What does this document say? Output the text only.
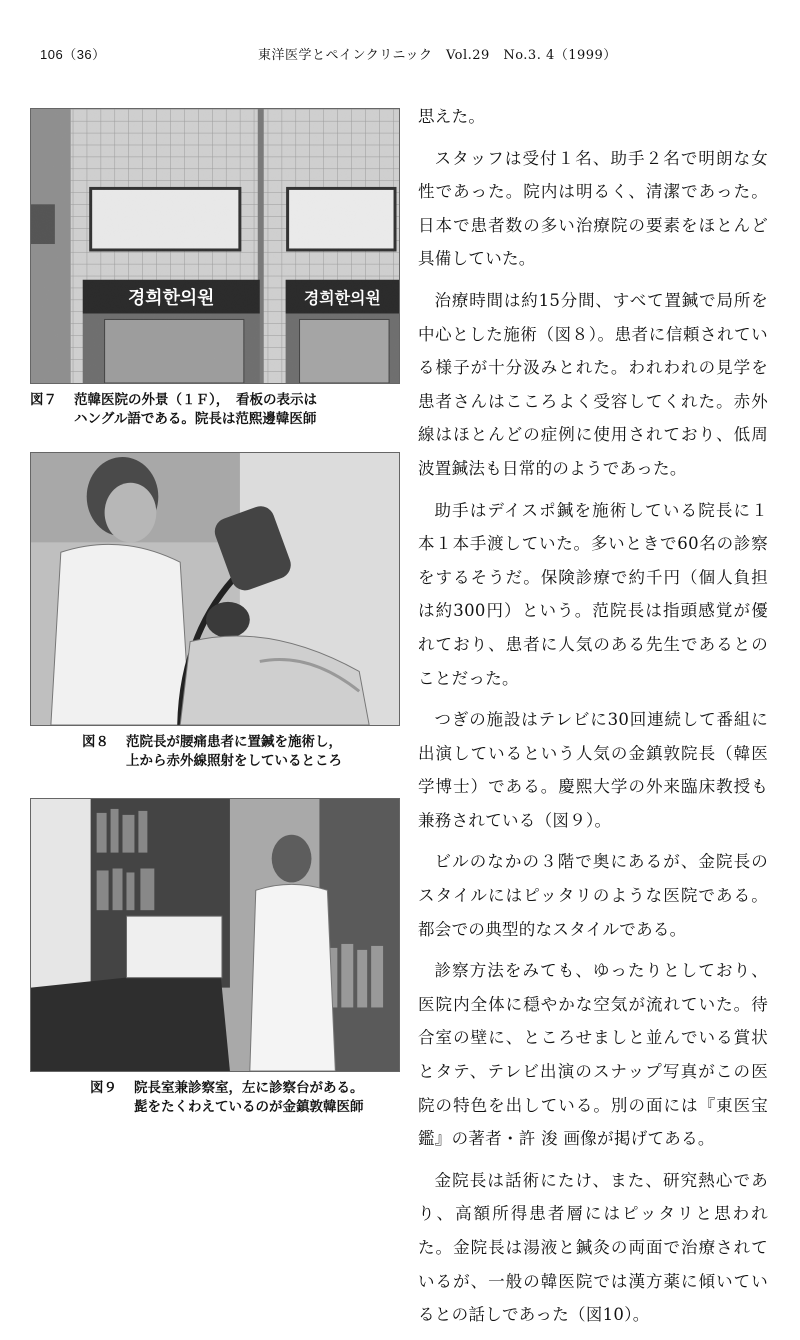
106（36）	東洋医学とペインクリニック　Vol.29　No.3. 4（1999）
경희한의원	경희한의원
図７ 范韓医院の外景（１Ｆ），　看板の表示は
ハングル語である。院長は范熙邊韓医師
図８ 范院長が腰痛患者に置鍼を施術し，
上から赤外線照射をしているところ
図９ 院長室兼診察室，左に診察台がある。
髭をたくわえているのが金鎮敦韓医師

思えた。

スタッフは受付１名、助手２名で明朗な女性であった。院内は明るく、清潔であった。日本で患者数の多い治療院の要素をほとんど具備していた。

治療時間は約15分間、すべて置鍼で局所を中心とした施術（図８）。患者に信頼されている様子が十分汲みとれた。われわれの見学を患者さんはこころよく受容してくれた。赤外線はほとんどの症例に使用されており、低周波置鍼法も日常的のようであった。

助手はデイスポ鍼を施術している院長に１本１本手渡していた。多いときで60名の診察をするそうだ。保険診療で約千円（個人負担は約300円）という。范院長は指頭感覚が優れており、患者に人気のある先生であるとのことだった。

つぎの施設はテレビに30回連続して番組に出演しているという人気の金鎮敦院長（韓医学博士）である。慶熙大学の外来臨床教授も兼務されている（図９）。

ビルのなかの３階で奥にあるが、金院長のスタイルにはピッタリのような医院である。都会での典型的なスタイルである。

診察方法をみても、ゆったりとしており、医院内全体に穏やかな空気が流れていた。待合室の壁に、ところせましと並んでいる賞状とタテ、テレビ出演のスナップ写真がこの医院の特色を出している。別の面には『東医宝鑑』の著者・許 浚 画像が掲げてある。

金院長は話術にたけ、また、研究熱心であり、高額所得患者層にはピッタリと思われた。金院長は湯液と鍼灸の両面で治療されているが、一般の韓医院では漢方薬に傾いているとの話しであった（図10）。
